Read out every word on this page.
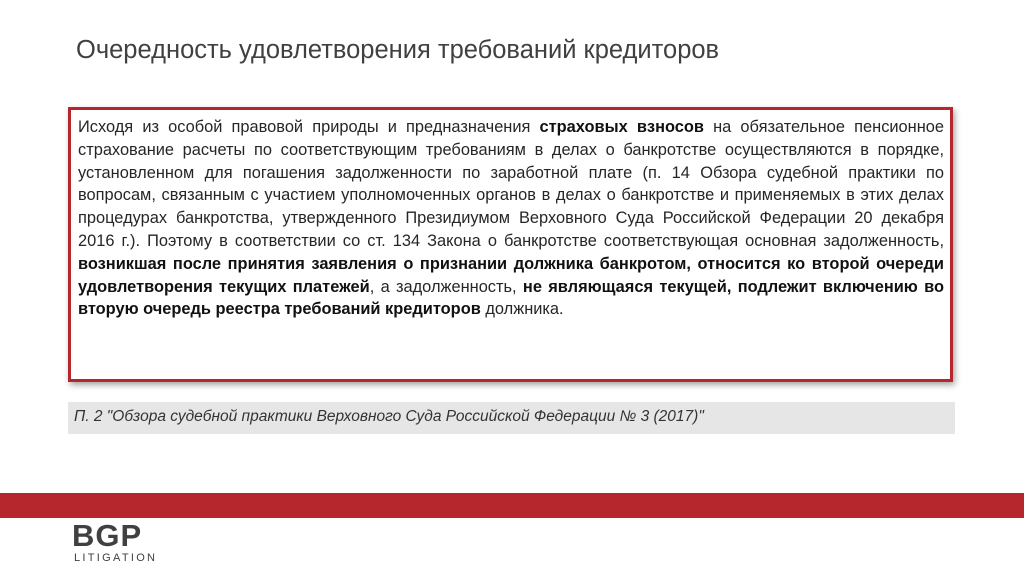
Очередность удовлетворения требований кредиторов

Исходя из особой правовой природы и предназначения страховых взносов на обязательное пенсионное страхование расчеты по соответствующим требованиям в делах о банкротстве осуществляются в порядке, установленном для погашения задолженности по заработной плате (п. 14 Обзора судебной практики по вопросам, связанным с участием уполномоченных органов в делах о банкротстве и применяемых в этих делах процедурах банкротства, утвержденного Президиумом Верховного Суда Российской Федерации 20 декабря 2016 г.). Поэтому в соответствии со ст. 134 Закона о банкротстве соответствующая основная задолженность, возникшая после принятия заявления о признании должника банкротом, относится ко второй очереди удовлетворения текущих платежей, а задолженность, не являющаяся текущей, подлежит включению во вторую очередь реестра требований кредиторов должника.

П. 2 "Обзора судебной практики Верховного Суда Российской Федерации № 3 (2017)"
BGP
LITIGATION
